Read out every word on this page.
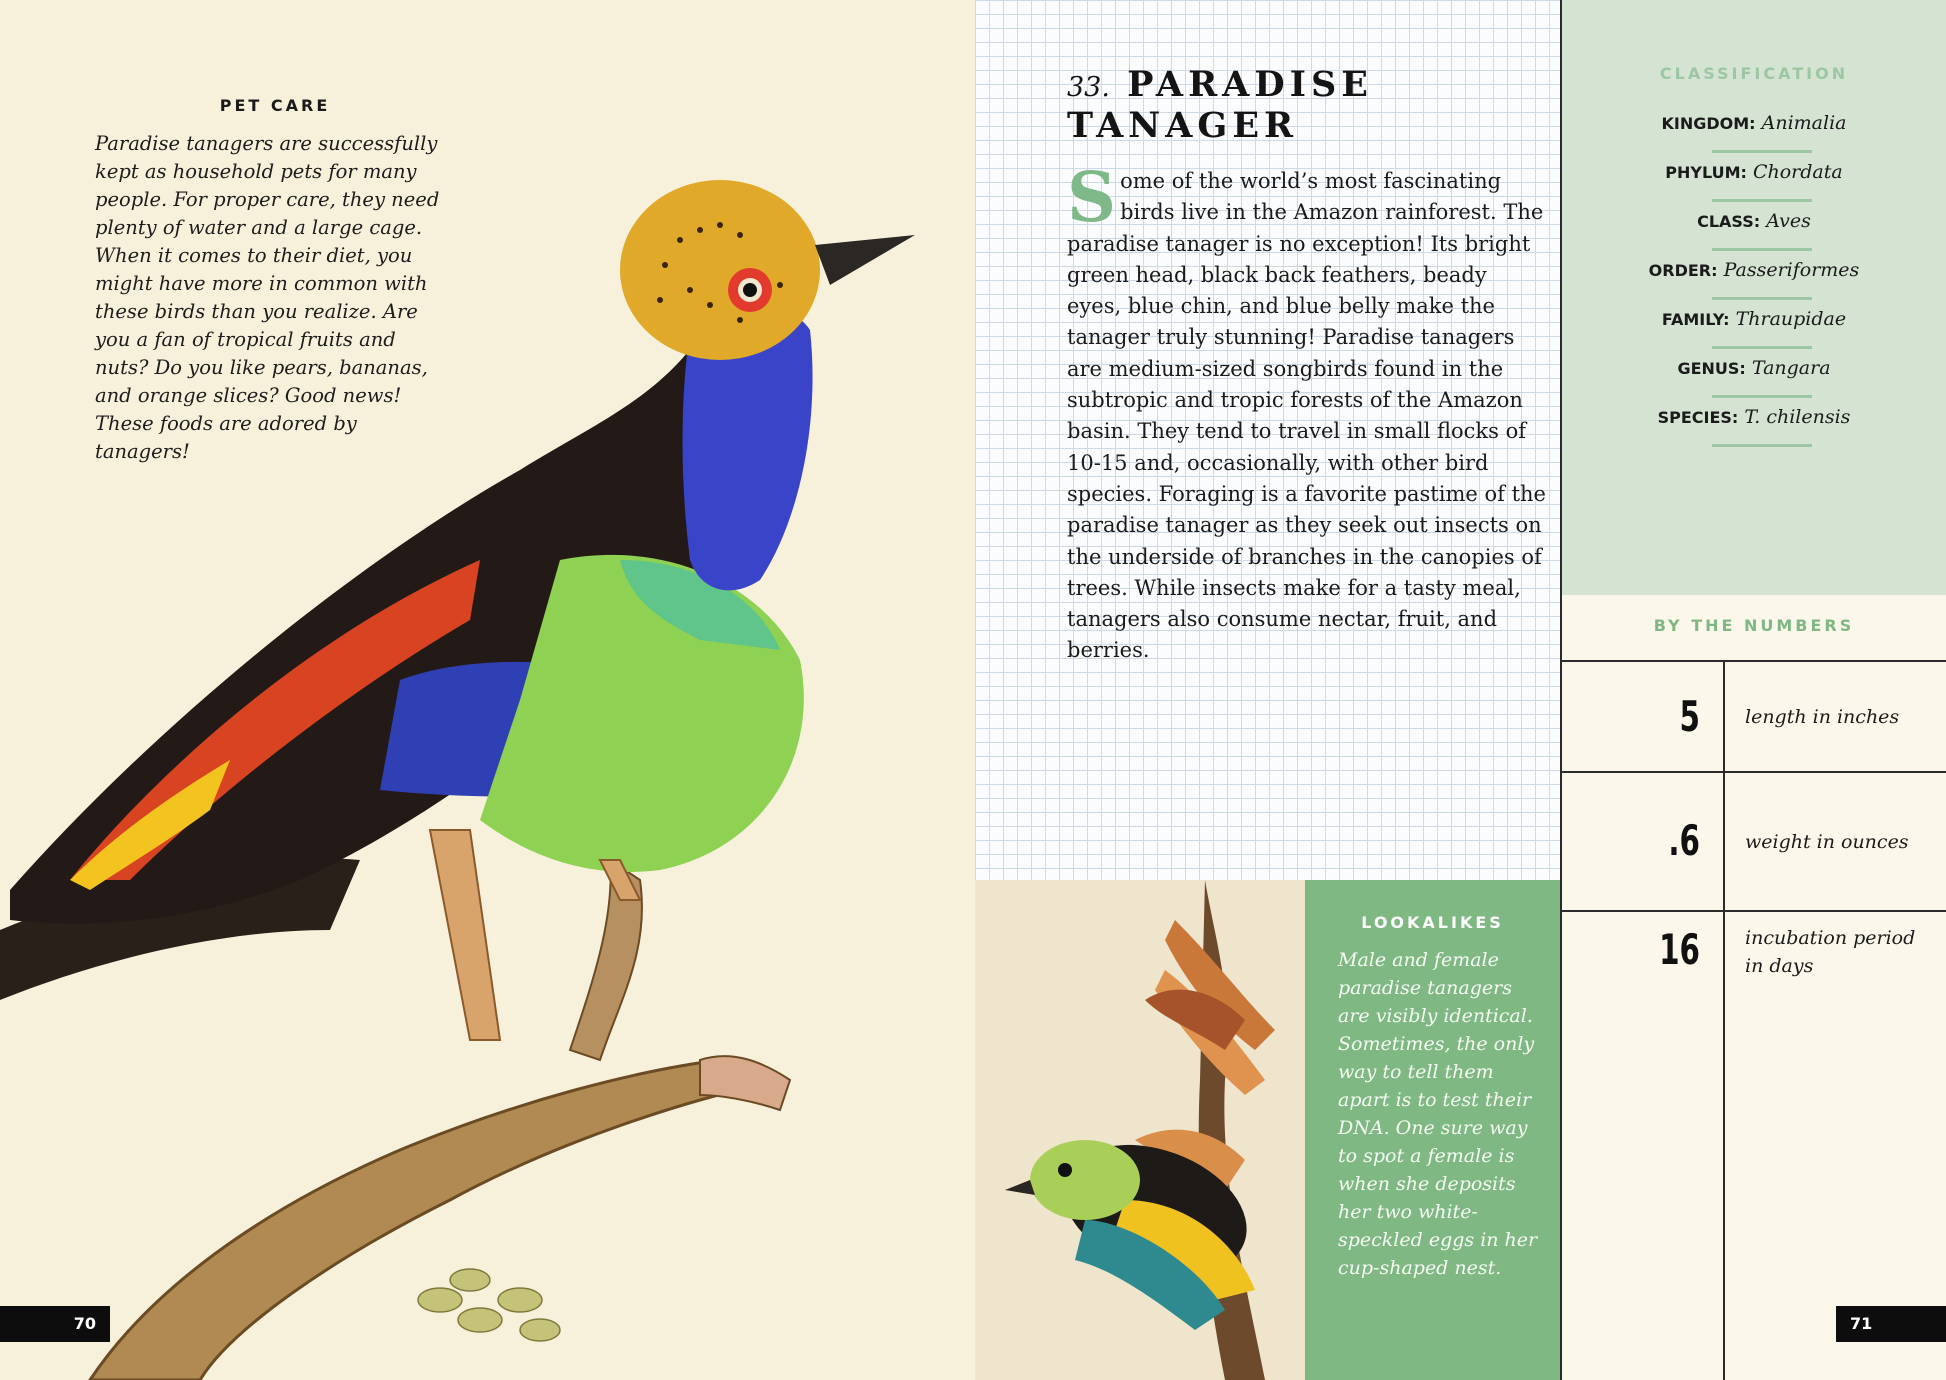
PET CARE
Paradise tanagers are successfully kept as household pets for many people. For proper care, they need plenty of water and a large cage. When it comes to their diet, you might have more in common with these birds than you realize. Are you a fan of tropical fruits and nuts? Do you like pears, bananas, and orange slices? Good news! These foods are adored by tanagers!
70
33. PARADISE TANAGER
Some of the world’s most fascinating birds live in the Amazon rainforest. The paradise tanager is no exception! Its bright green head, black back feathers, beady eyes, blue chin, and blue belly make the tanager truly stunning! Paradise tanagers are medium-sized songbirds found in the subtropic and tropic forests of the Amazon basin. They tend to travel in small flocks of 10-15 and, occasionally, with other bird species. Foraging is a favorite pastime of the paradise tanager as they seek out insects on the underside of branches in the canopies of trees. While insects make for a tasty meal, tanagers also consume nectar, fruit, and berries.
Male and female paradise tanagers are visibly identical. Sometimes, the only way to tell them apart is to test their DNA. One sure way to spot a female is when she deposits her two white-speckled eggs in her cup-shaped nest.
LOOKALIKES
CLASSIFICATION
KINGDOM: Animalia
PHYLUM: Chordata
CLASS: Aves
ORDER: Passeriformes
FAMILY: Thraupidae
GENUS: Tangara
SPECIES: T. chilensis
BY THE NUMBERS
5 length in inches
.6 weight in ounces
16 incubation period in days
71
